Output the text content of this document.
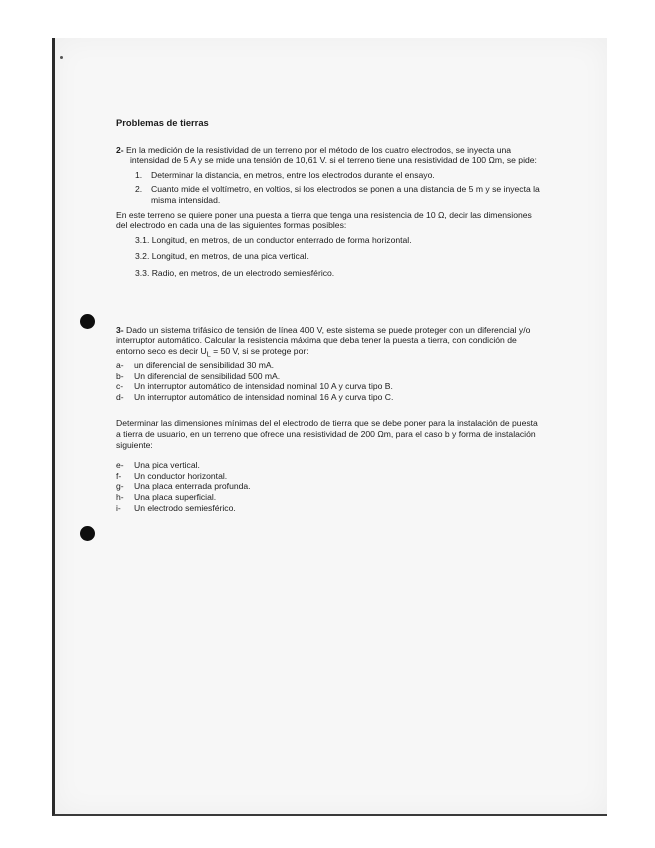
Problemas de tierras

2- En la medición de la resistividad de un terreno por el método de los cuatro electrodos, se inyecta una intensidad de 5 A y se mide una tensión de 10,61 V. si el terreno tiene una resistividad de 100 Ωm, se pide:

1. Determinar la distancia, en metros, entre los electrodos durante el ensayo.
2. Cuanto mide el voltímetro, en voltios, si los electrodos se ponen a una distancia de 5 m y se inyecta la misma intensidad.

En este terreno se quiere poner una puesta a tierra que tenga una resistencia de 10 Ω, decir las dimensiones del electrodo en cada una de las siguientes formas posibles:

3.1. Longitud, en metros, de un conductor enterrado de forma horizontal.
3.2. Longitud, en metros, de una pica vertical.
3.3. Radio, en metros, de un electrodo semiesférico.

3- Dado un sistema trifásico de tensión de línea 400 V, este sistema se puede proteger con un diferencial y/o interruptor automático. Calcular la resistencia máxima que deba tener la puesta a tierra, con condición de entorno seco es decir $U_L = 50$ V, si se protege por:

a- un diferencial de sensibilidad 30 mA.
b- Un diferencial de sensibilidad 500 mA.
c- Un interruptor automático de intensidad nominal 10 A y curva tipo B.
d- Un interruptor automático de intensidad nominal 16 A y curva tipo C.

Determinar las dimensiones mínimas del el electrodo de tierra que se debe poner para la instalación de puesta a tierra de usuario, en un terreno que ofrece una resistividad de 200 Ωm, para el caso b y forma de instalación siguiente:

e- Una pica vertical.
f- Un conductor horizontal.
g- Una placa enterrada profunda.
h- Una placa superficial.
i- Un electrodo semiesférico.
